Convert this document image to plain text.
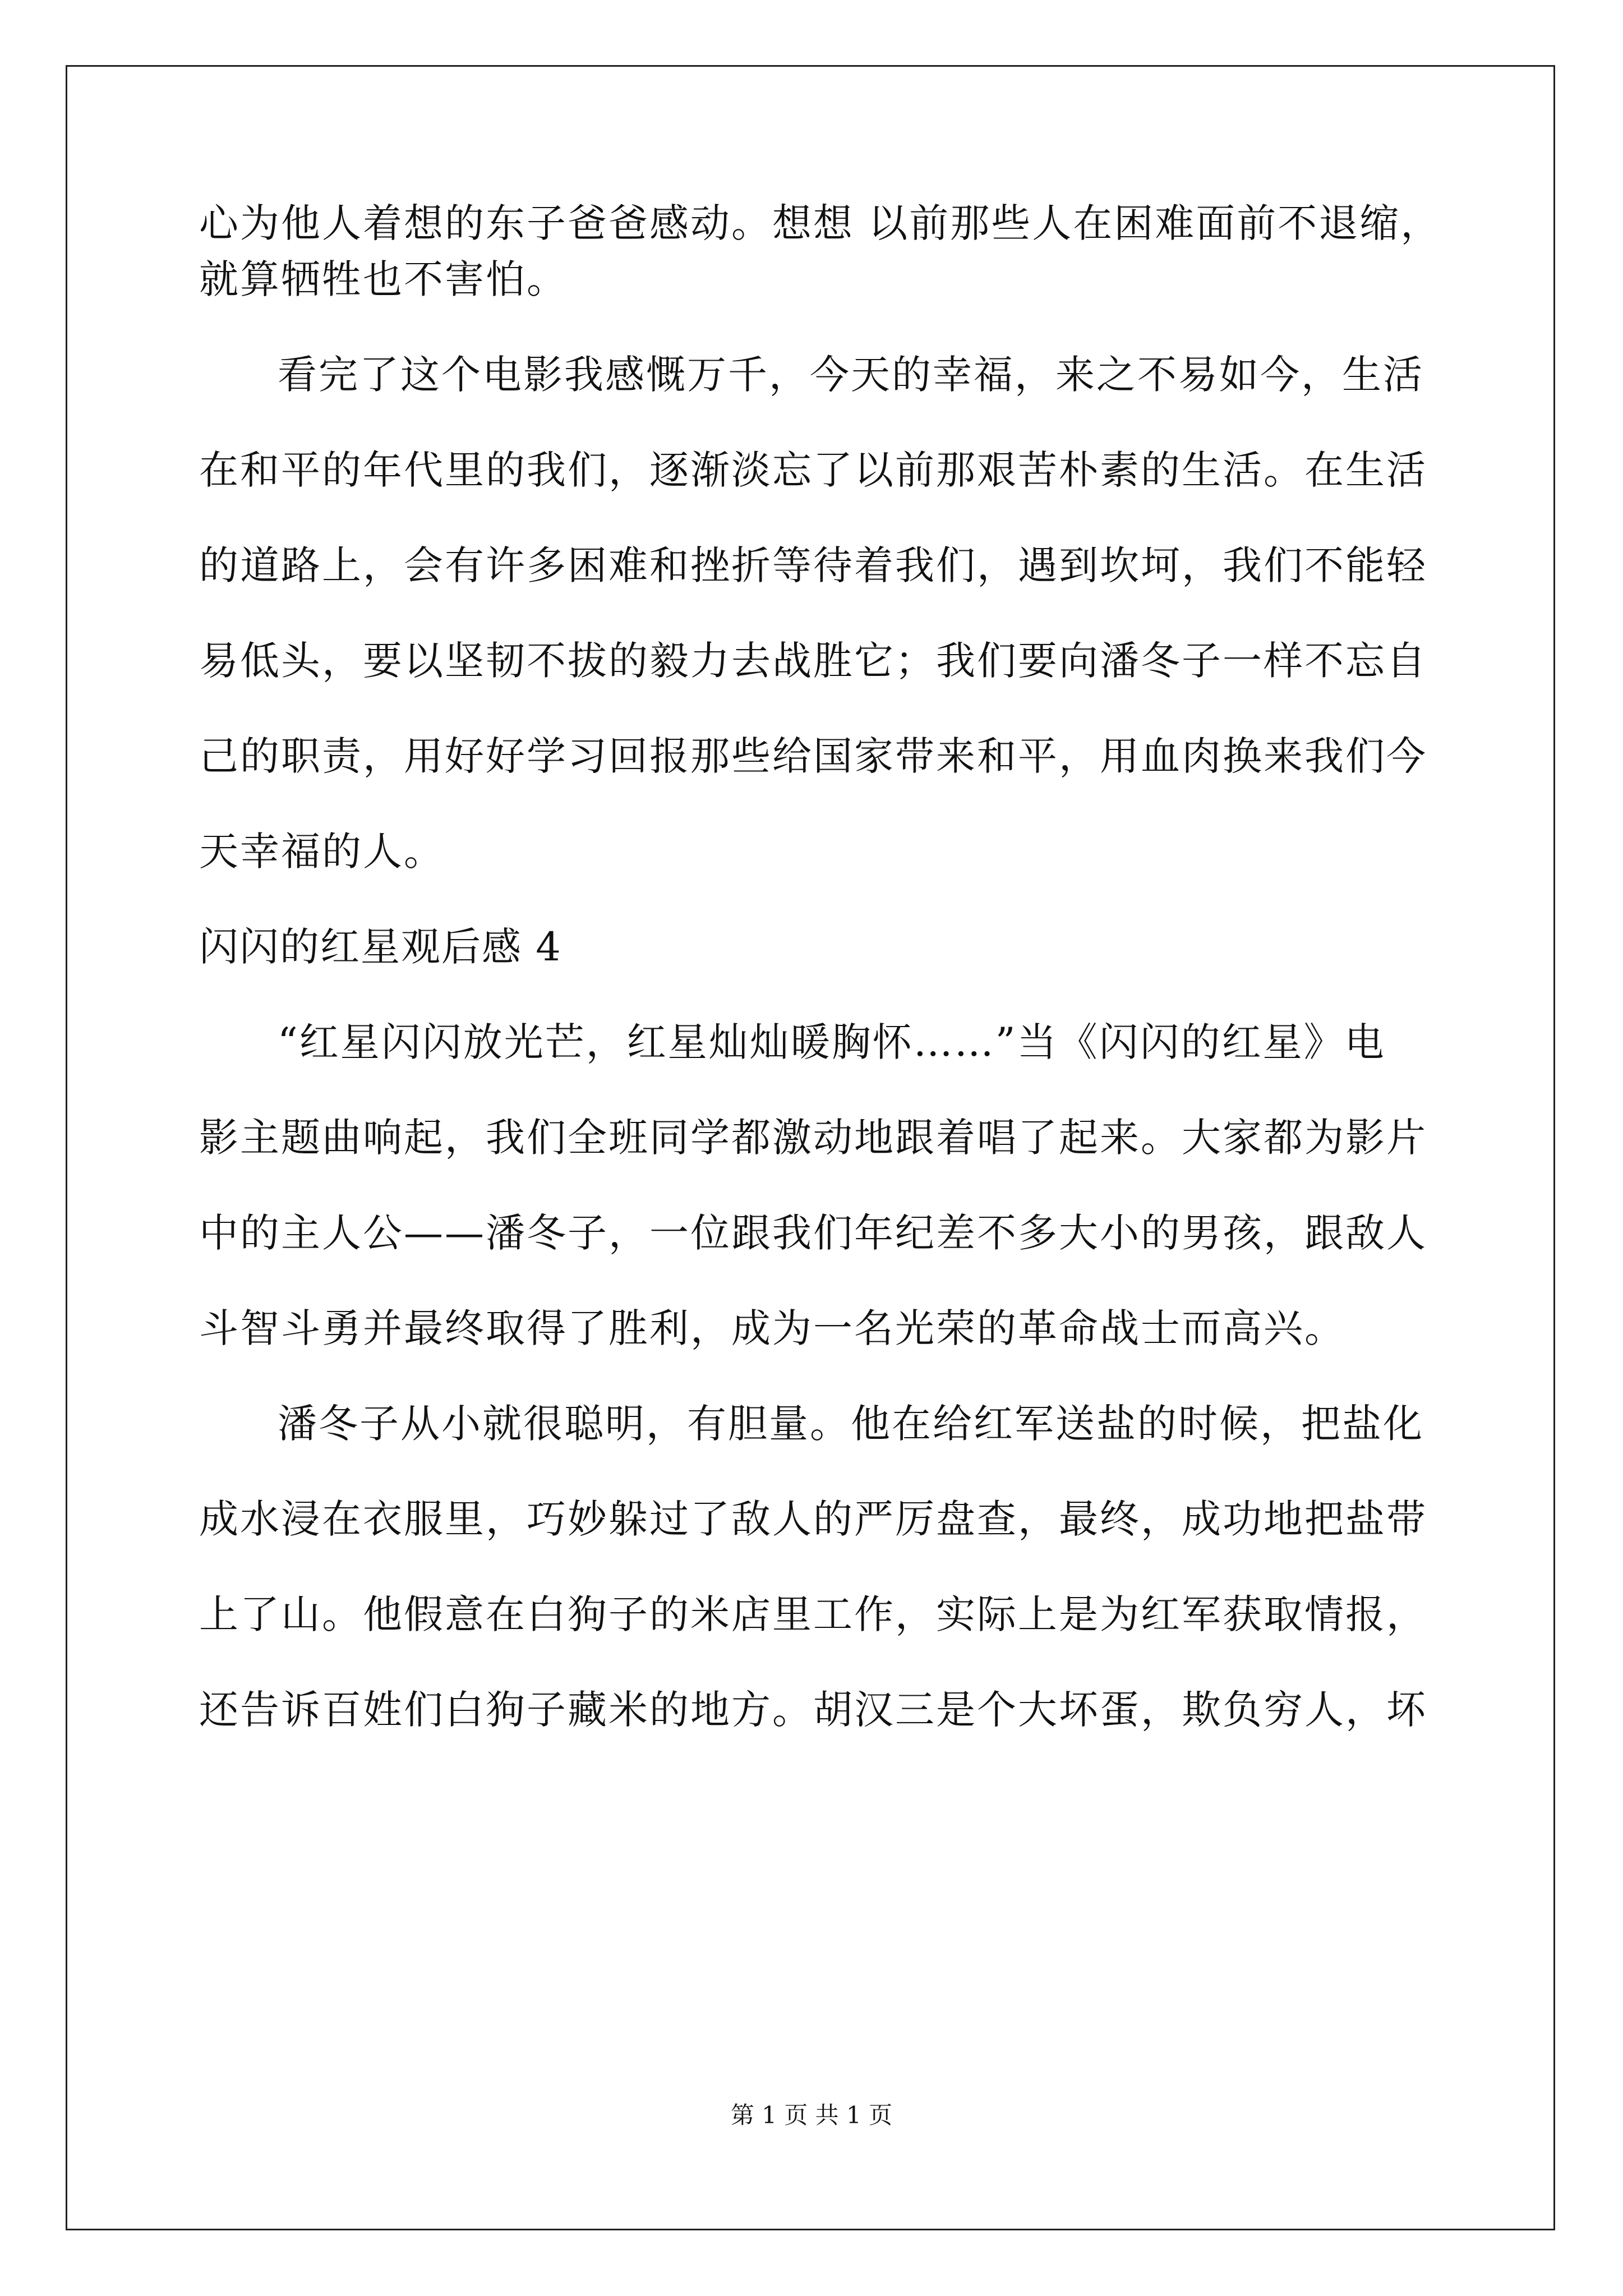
心为他人着想的东子爸爸感动。想想 以前那些人在困难面前不退缩，
就算牺牲也不害怕。
看完了这个电影我感慨万千，今天的幸福，来之不易如今，生活
在和平的年代里的我们，逐渐淡忘了以前那艰苦朴素的生活。在生活
的道路上，会有许多困难和挫折等待着我们，遇到坎坷，我们不能轻
易低头，要以坚韧不拔的毅力去战胜它；我们要向潘冬子一样不忘自
己的职责，用好好学习回报那些给国家带来和平，用血肉换来我们今
天幸福的人。
闪闪的红星观后感 4
“红星闪闪放光芒，红星灿灿暖胸怀……”当《闪闪的红星》电
影主题曲响起，我们全班同学都激动地跟着唱了起来。大家都为影片
中的主人公——潘冬子，一位跟我们年纪差不多大小的男孩，跟敌人
斗智斗勇并最终取得了胜利，成为一名光荣的革命战士而高兴。
潘冬子从小就很聪明，有胆量。他在给红军送盐的时候，把盐化
成水浸在衣服里，巧妙躲过了敌人的严厉盘查，最终，成功地把盐带
上了山。他假意在白狗子的米店里工作，实际上是为红军获取情报，
还告诉百姓们白狗子藏米的地方。胡汉三是个大坏蛋，欺负穷人，坏
第 1 页 共 1 页
